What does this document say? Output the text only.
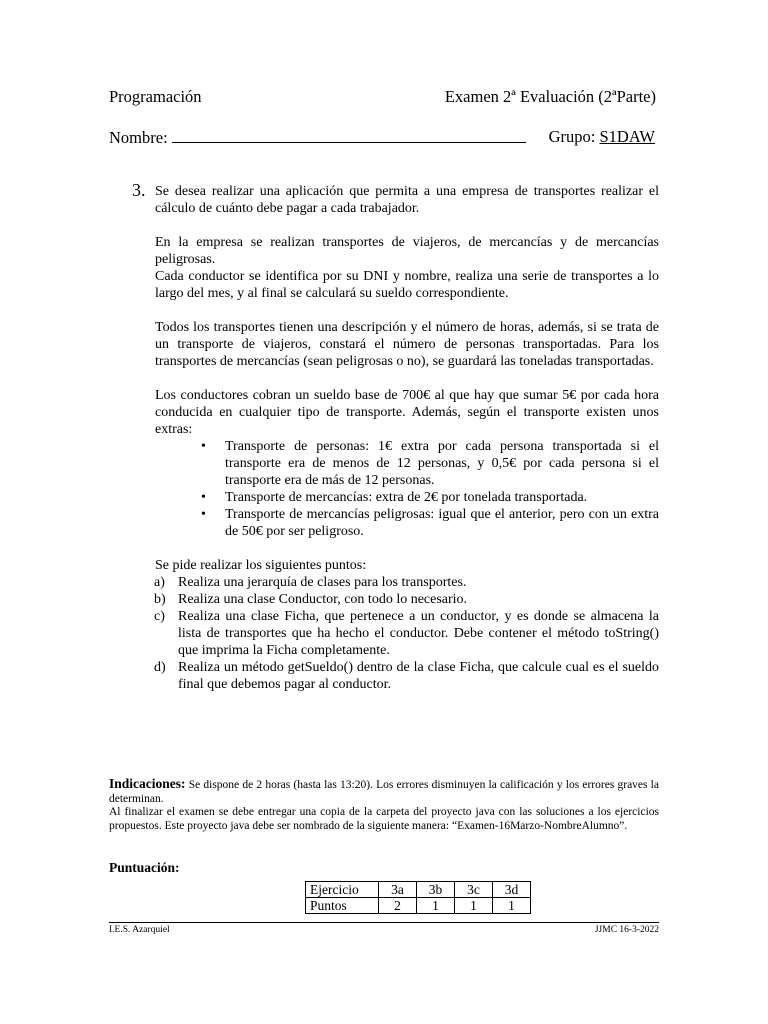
Programación	Examen 2ª Evaluación (2ªParte)
Nombre:	Grupo: S1DAW
3. Se desea realizar una aplicación que permita a una empresa de transportes realizar el cálculo de cuánto debe pagar a cada trabajador.
En la empresa se realizan transportes de viajeros, de mercancías y de mercancías peligrosas.
Cada conductor se identifica por su DNI y nombre, realiza una serie de transportes a lo largo del mes, y al final se calculará su sueldo correspondiente.
Todos los transportes tienen una descripción y el número de horas, además, si se trata de un transporte de viajeros, constará el número de personas transportadas. Para los transportes de mercancías (sean peligrosas o no), se guardará las toneladas transportadas.
Los conductores cobran un sueldo base de 700€ al que hay que sumar 5€ por cada hora conducida en cualquier tipo de transporte. Además, según el transporte existen unos extras:
• Transporte de personas: 1€ extra por cada persona transportada si el transporte era de menos de 12 personas, y 0,5€ por cada persona si el transporte era de más de 12 personas.
• Transporte de mercancías: extra de 2€ por tonelada transportada.
• Transporte de mercancías peligrosas: igual que el anterior, pero con un extra de 50€ por ser peligroso.
Se pide realizar los siguientes puntos:
a) Realiza una jerarquía de clases para los transportes.
b) Realiza una clase Conductor, con todo lo necesario.
c) Realiza una clase Ficha, que pertenece a un conductor, y es donde se almacena la lista de transportes que ha hecho el conductor. Debe contener el método toString() que imprima la Ficha completamente.
d) Realiza un método getSueldo() dentro de la clase Ficha, que calcule cual es el sueldo final que debemos pagar al conductor.
Indicaciones: Se dispone de 2 horas (hasta las 13:20). Los errores disminuyen la calificación y los errores graves la determinan.
Al finalizar el examen se debe entregar una copia de la carpeta del proyecto java con las soluciones a los ejercicios propuestos. Este proyecto java debe ser nombrado de la siguiente manera: “Examen-16Marzo-NombreAlumno”.
Puntuación:
Ejercicio	3a	3b	3c	3d
Puntos	2	1	1	1
I.E.S. Azarquiel	JJMC 16-3-2022
